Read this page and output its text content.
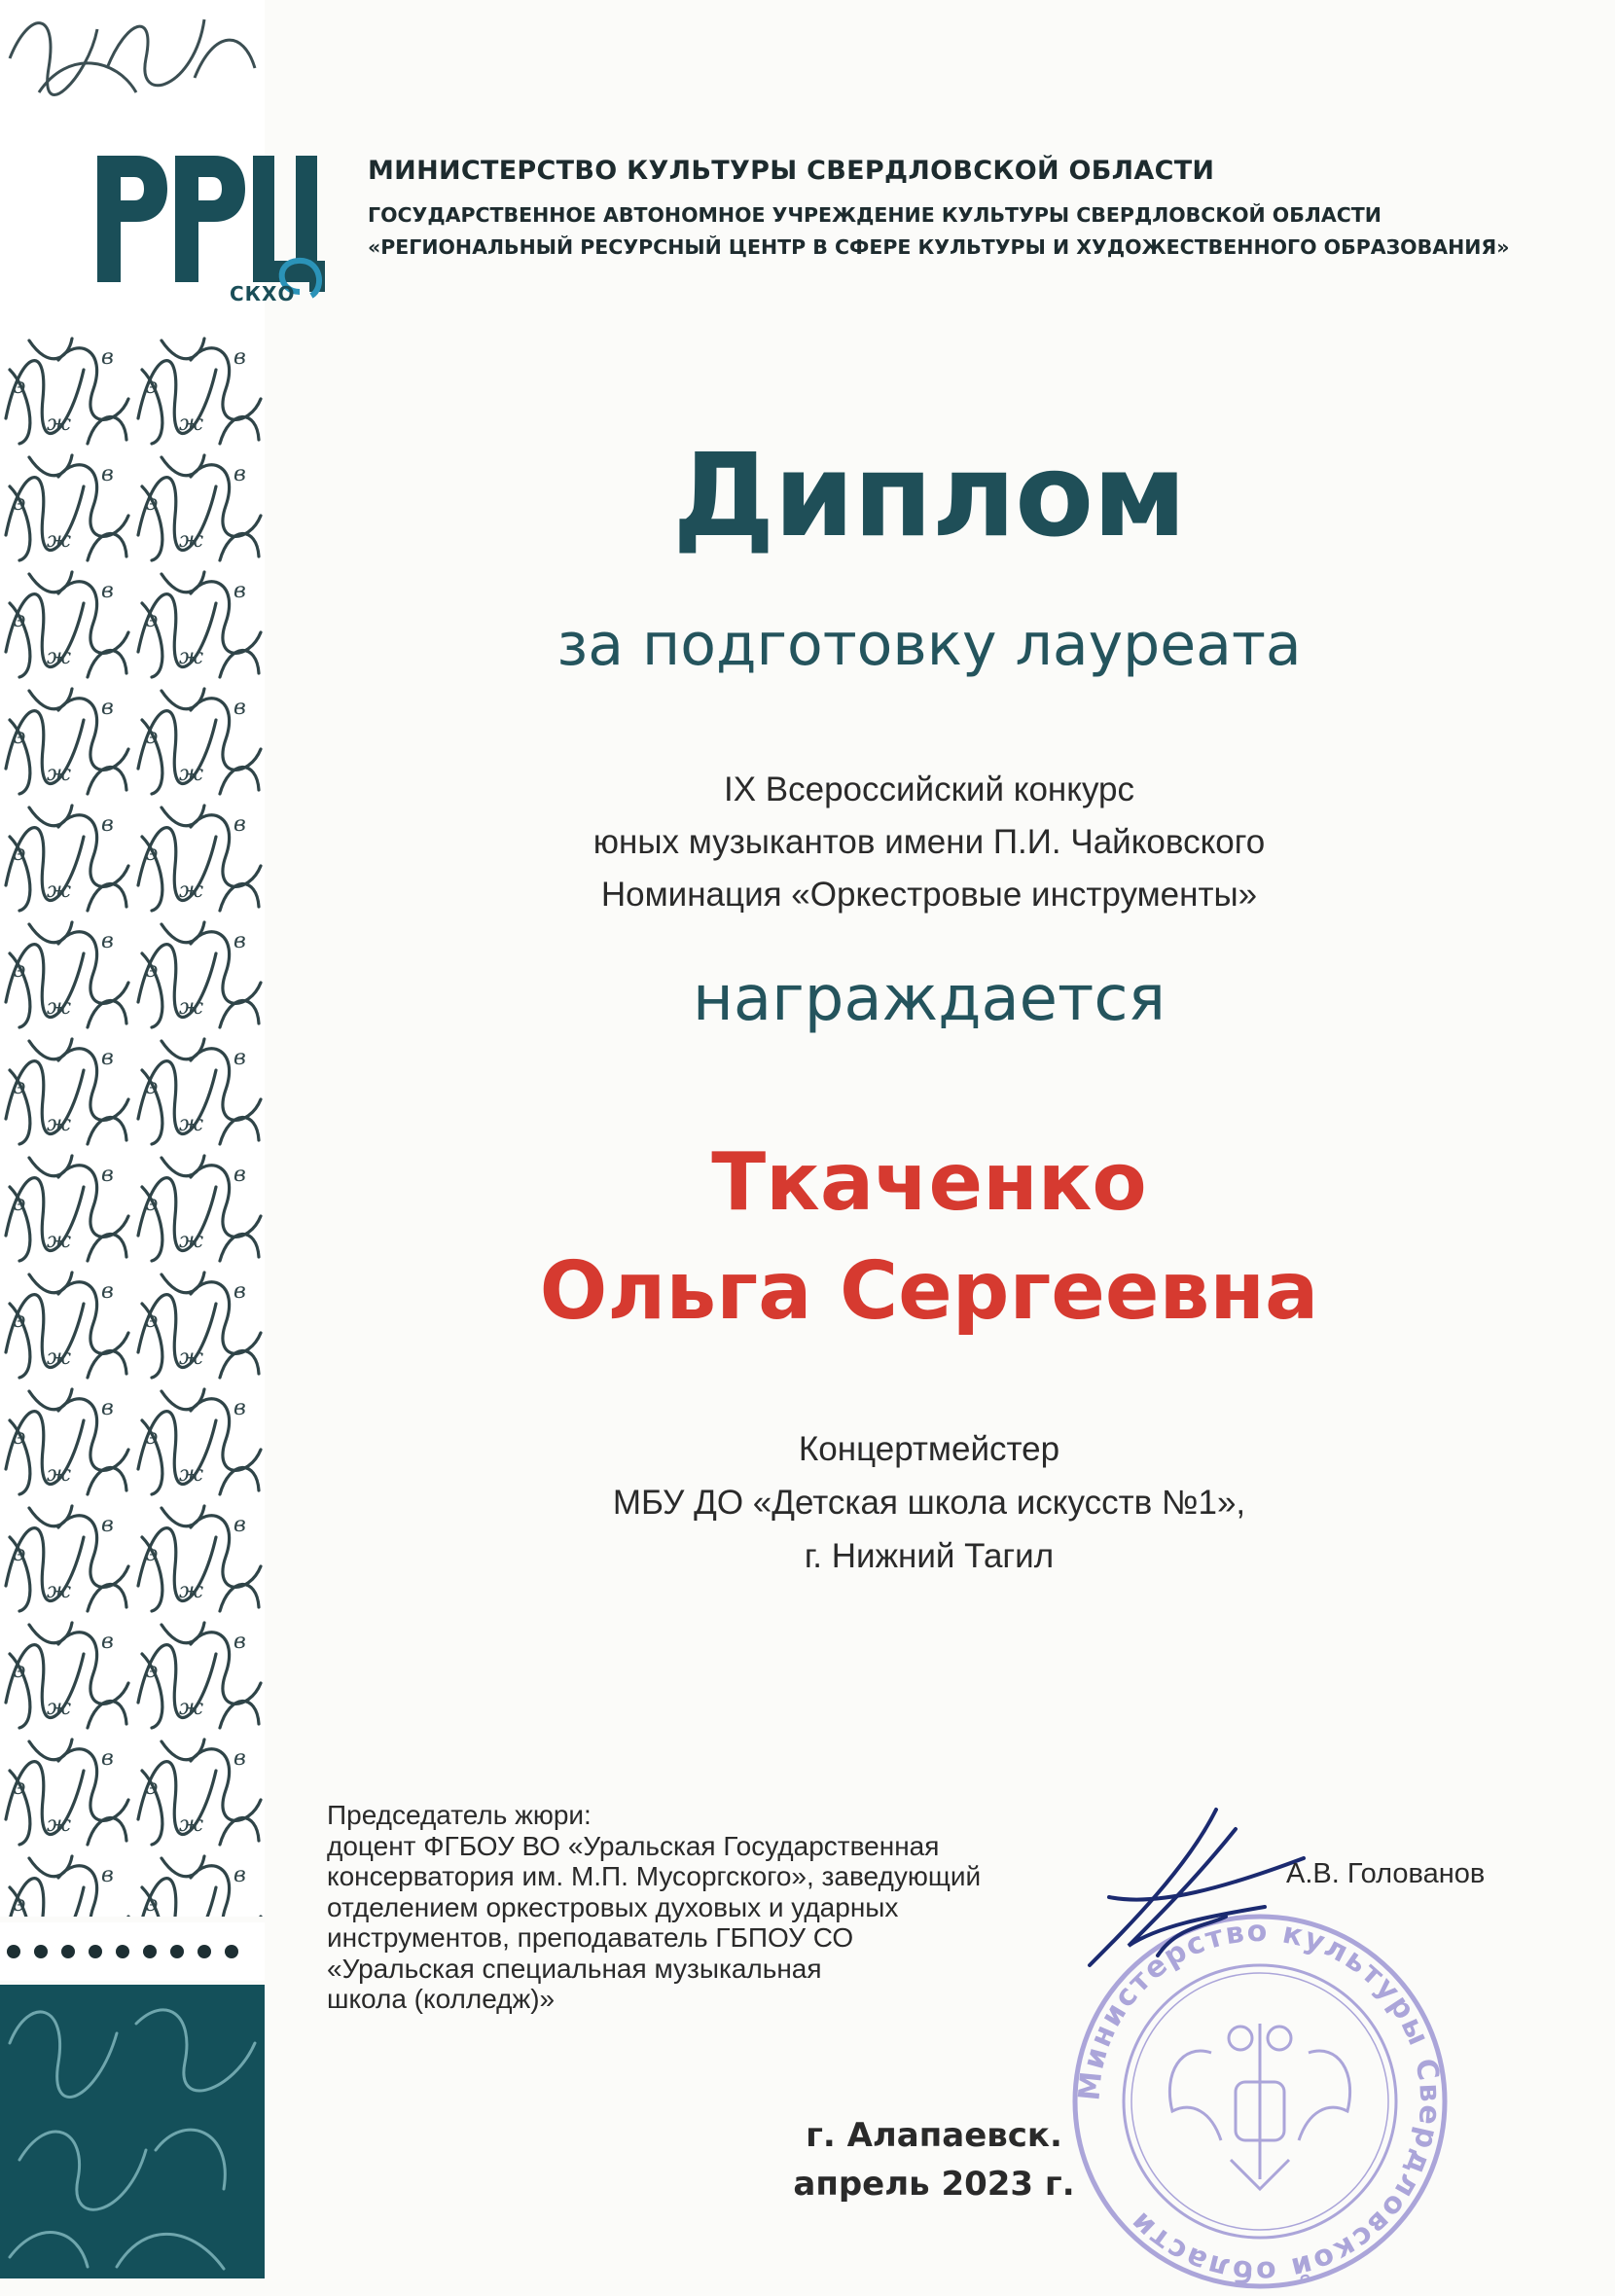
СКХО
МИНИСТЕРСТВО КУЛЬТУРЫ СВЕРДЛОВСКОЙ ОБЛАСТИ
ГОСУДАРСТВЕННОЕ АВТОНОМНОЕ УЧРЕЖДЕНИЕ КУЛЬТУРЫ СВЕРДЛОВСКОЙ ОБЛАСТИ
«РЕГИОНАЛЬНЫЙ РЕСУРСНЫЙ ЦЕНТР В СФЕРЕ КУЛЬТУРЫ И ХУДОЖЕСТВЕННОГО ОБРАЗОВАНИЯ»
Диплом
за подготовку лауреата
IX Всероссийский конкурс
юных музыкантов имени П.И. Чайковского
Номинация «Оркестровые инструменты»
награждается
Ткаченко
Ольга Сергеевна
Концертмейстер
МБУ ДО «Детская школа искусств №1»,
г. Нижний Тагил
Председатель жюри:
доцент ФГБОУ ВО «Уральская Государственная
консерватория им. М.П. Мусоргского», заведующий
отделением оркестровых духовых и ударных
инструментов, преподаватель ГБПОУ СО
«Уральская специальная музыкальная
школа (колледж)»
Министерство культуры Свердловской области
А.В. Голованов
г. Алапаевск.
апрель 2023 г.
